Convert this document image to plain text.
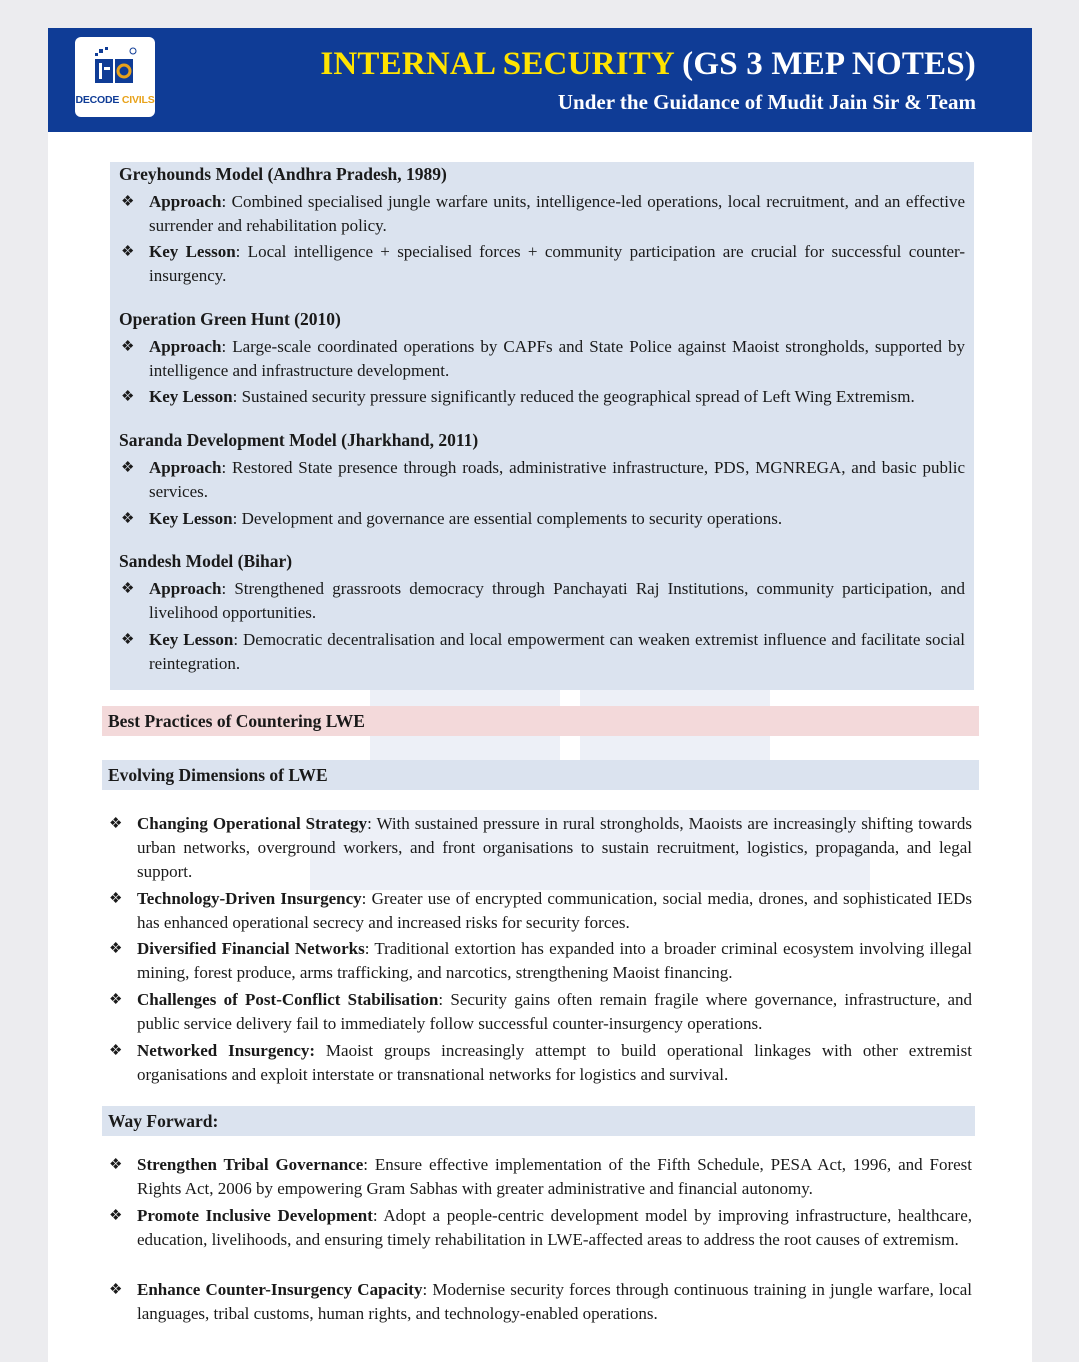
DECODE CIVILS
INTERNAL SECURITY (GS 3 MEP NOTES)
Under the Guidance of Mudit Jain Sir & Team
Greyhounds Model (Andhra Pradesh, 1989)
❖ Approach: Combined specialised jungle warfare units, intelligence-led operations, local recruitment, and an effective surrender and rehabilitation policy.
❖ Key Lesson: Local intelligence + specialised forces + community participation are crucial for successful counter-insurgency.
Operation Green Hunt (2010)
❖ Approach: Large-scale coordinated operations by CAPFs and State Police against Maoist strongholds, supported by intelligence and infrastructure development.
❖ Key Lesson: Sustained security pressure significantly reduced the geographical spread of Left Wing Extremism.
Saranda Development Model (Jharkhand, 2011)
❖ Approach: Restored State presence through roads, administrative infrastructure, PDS, MGNREGA, and basic public services.
❖ Key Lesson: Development and governance are essential complements to security operations.
Sandesh Model (Bihar)
❖ Approach: Strengthened grassroots democracy through Panchayati Raj Institutions, community participation, and livelihood opportunities.
❖ Key Lesson: Democratic decentralisation and local empowerment can weaken extremist influence and facilitate social reintegration.
Best Practices of Countering LWE
Evolving Dimensions of LWE
❖ Changing Operational Strategy: With sustained pressure in rural strongholds, Maoists are increasingly shifting towards urban networks, overground workers, and front organisations to sustain recruitment, logistics, propaganda, and legal support.
❖ Technology-Driven Insurgency: Greater use of encrypted communication, social media, drones, and sophisticated IEDs has enhanced operational secrecy and increased risks for security forces.
❖ Diversified Financial Networks: Traditional extortion has expanded into a broader criminal ecosystem involving illegal mining, forest produce, arms trafficking, and narcotics, strengthening Maoist financing.
❖ Challenges of Post-Conflict Stabilisation: Security gains often remain fragile where governance, infrastructure, and public service delivery fail to immediately follow successful counter-insurgency operations.
❖ Networked Insurgency: Maoist groups increasingly attempt to build operational linkages with other extremist organisations and exploit interstate or transnational networks for logistics and survival.
Way Forward:
❖ Strengthen Tribal Governance: Ensure effective implementation of the Fifth Schedule, PESA Act, 1996, and Forest Rights Act, 2006 by empowering Gram Sabhas with greater administrative and financial autonomy.
❖ Promote Inclusive Development: Adopt a people-centric development model by improving infrastructure, healthcare, education, livelihoods, and ensuring timely rehabilitation in LWE-affected areas to address the root causes of extremism.
❖ Enhance Counter-Insurgency Capacity: Modernise security forces through continuous training in jungle warfare, local languages, tribal customs, human rights, and technology-enabled operations.
